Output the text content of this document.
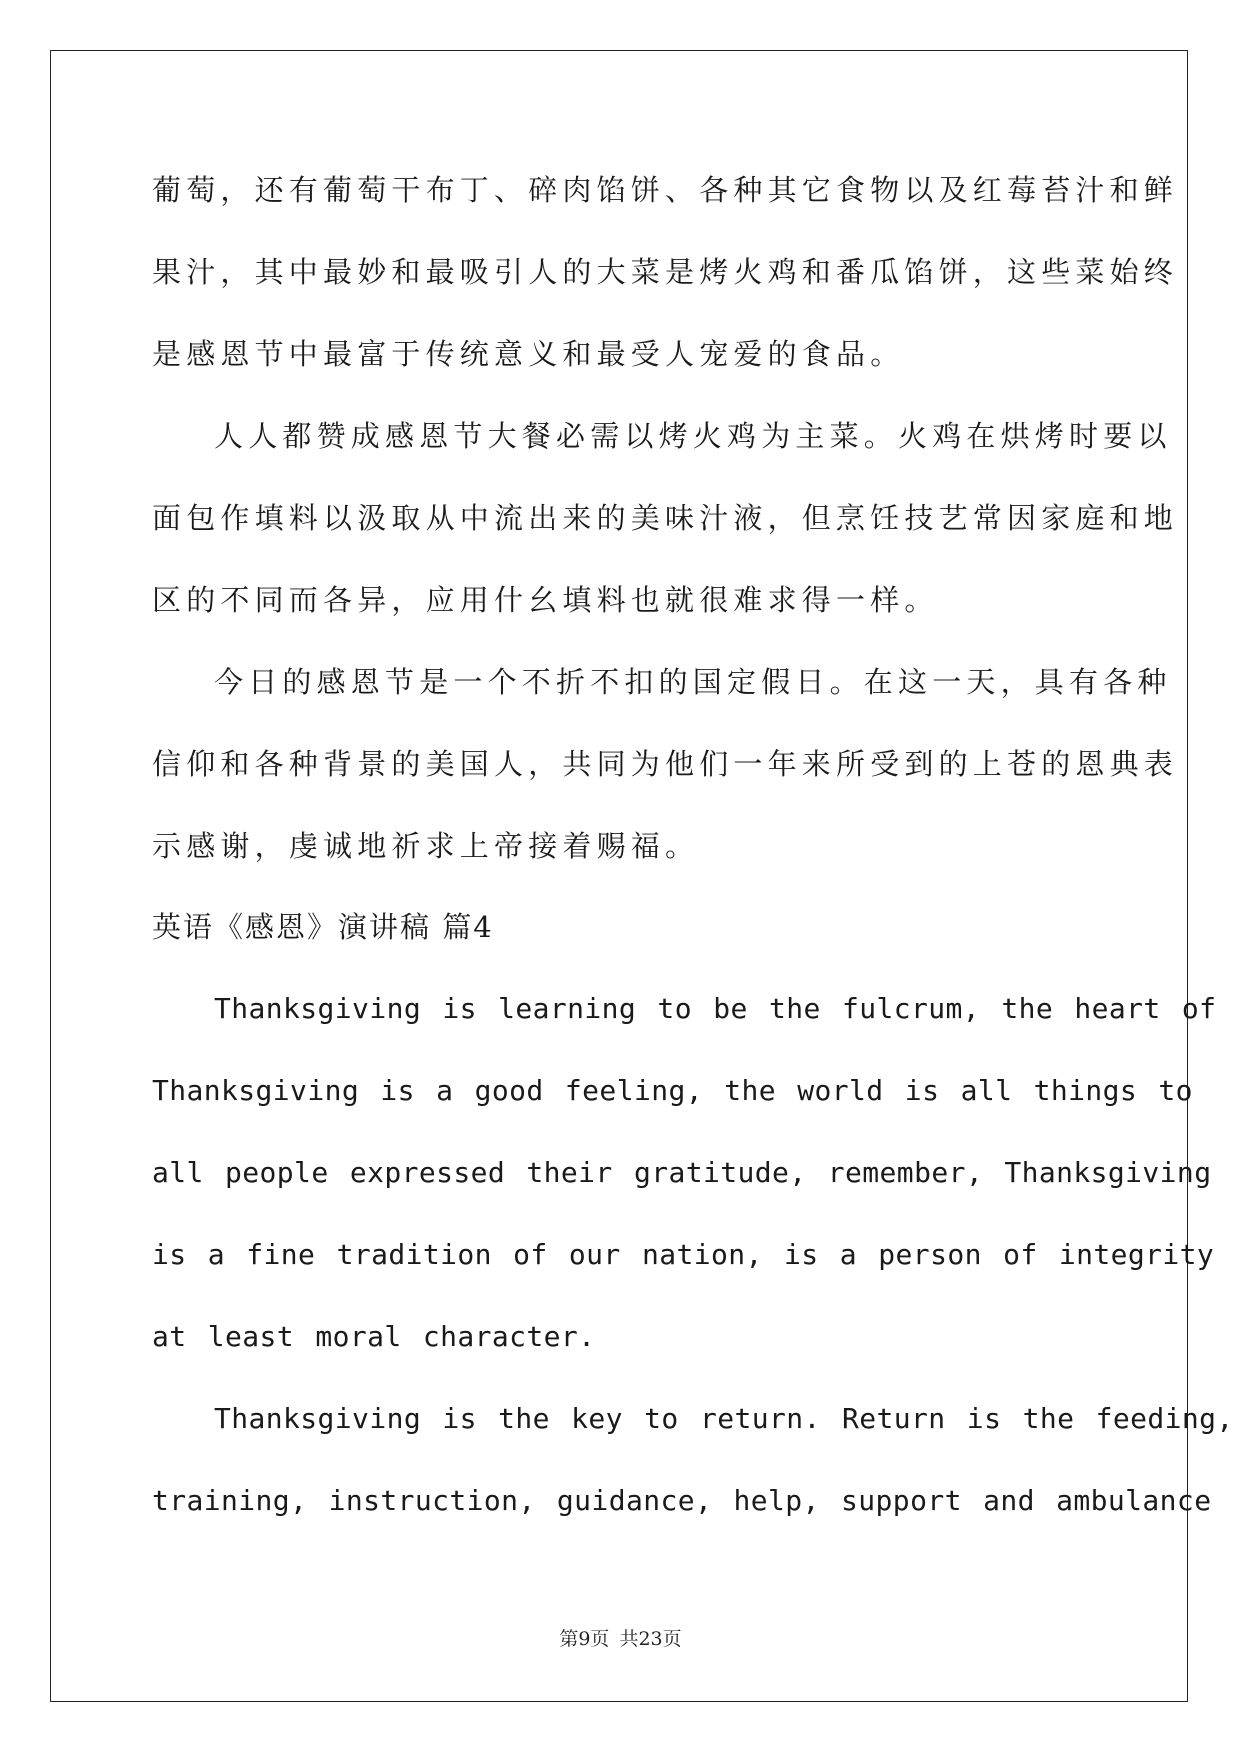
葡萄，还有葡萄干布丁、碎肉馅饼、各种其它食物以及红莓苔汁和鲜
果汁，其中最妙和最吸引人的大菜是烤火鸡和番瓜馅饼，这些菜始终
是感恩节中最富于传统意义和最受人宠爱的食品。
人人都赞成感恩节大餐必需以烤火鸡为主菜。火鸡在烘烤时要以
面包作填料以汲取从中流出来的美味汁液，但烹饪技艺常因家庭和地
区的不同而各异，应用什幺填料也就很难求得一样。
今日的感恩节是一个不折不扣的国定假日。在这一天，具有各种
信仰和各种背景的美国人，共同为他们一年来所受到的上苍的恩典表
示感谢，虔诚地祈求上帝接着赐福。
英语《感恩》演讲稿 篇4
Thanksgiving is learning to be the fulcrum, the heart of
Thanksgiving is a good feeling, the world is all things to
all people expressed their gratitude, remember, Thanksgiving
is a fine tradition of our nation, is a person of integrity
at least moral character.
Thanksgiving is the key to return. Return is the feeding,
training, instruction, guidance, help, support and ambulance
第9页 共23页
